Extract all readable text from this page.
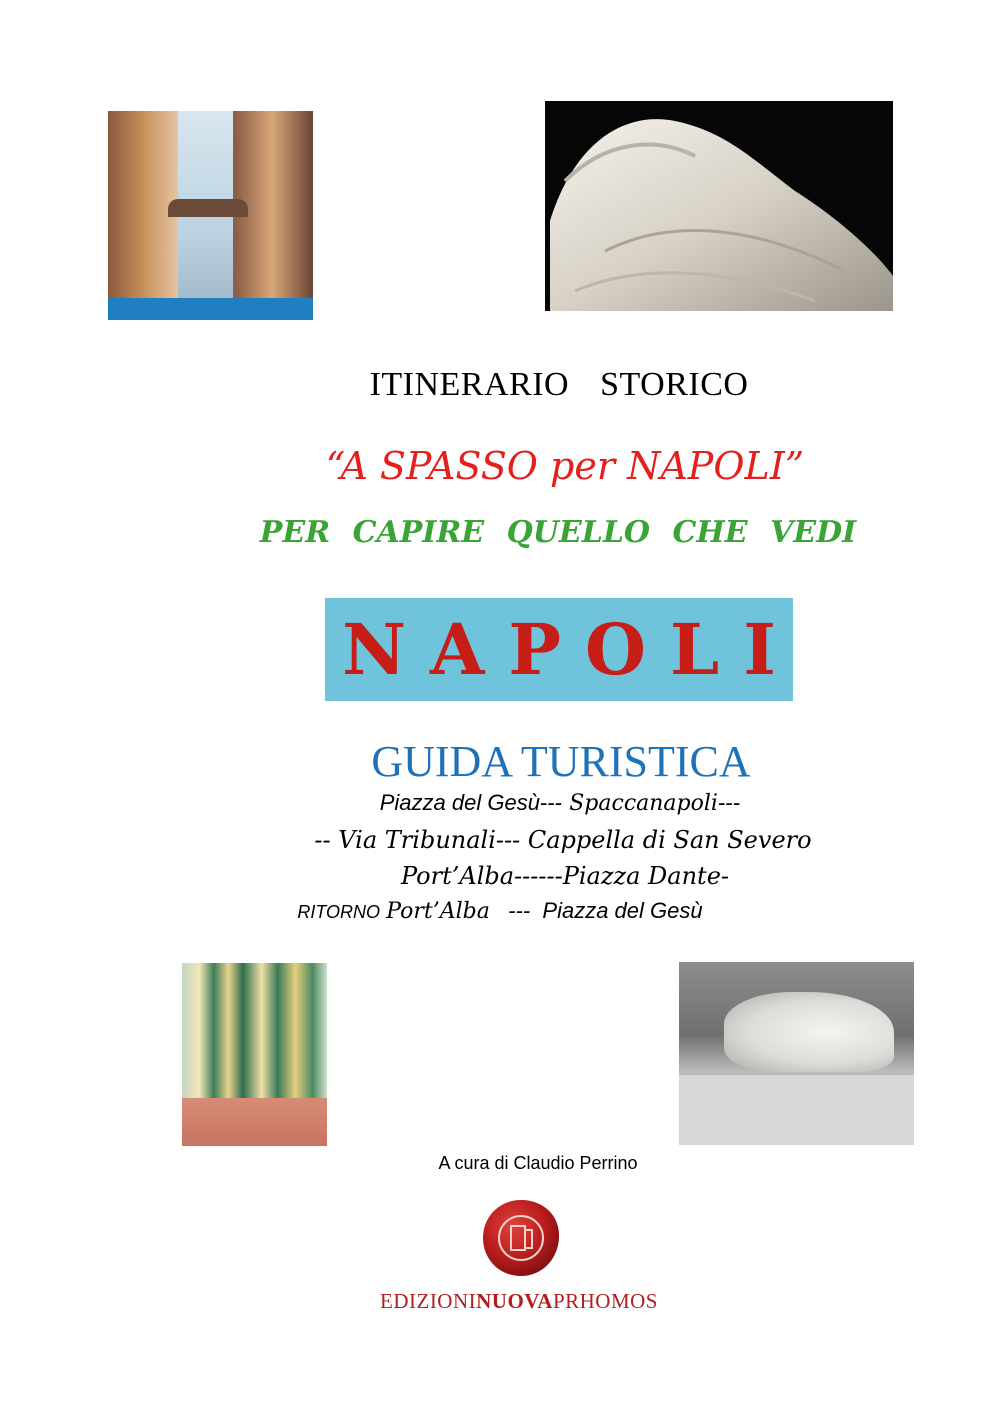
ITINERARIO STORICO
“A SPASSO per NAPOLI”
PER CAPIRE QUELLO CHE VEDI
NAPOLI
GUIDA TURISTICA
Piazza del Gesù--- Spaccanapoli---
-- Via Tribunali--- Cappella di San Severo
Port’Alba------Piazza Dante-
RITORNO Port’Alba --- Piazza del Gesù
A cura di Claudio Perrino
EDIZIONINUOVAPRHOMOS
